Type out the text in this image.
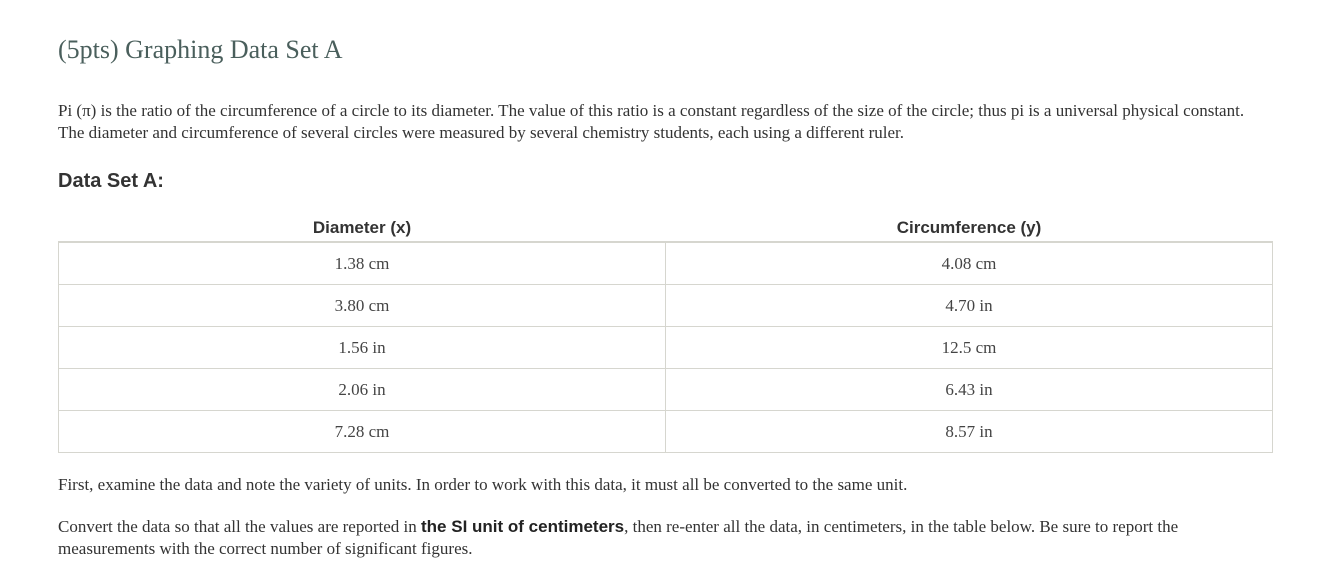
(5pts) Graphing Data Set A

Pi (π) is the ratio of the circumference of a circle to its diameter. The value of this ratio is a constant regardless of the size of the circle; thus pi is a universal physical constant. The diameter and circumference of several circles were measured by several chemistry students, each using a different ruler.

Data Set A:
Diameter (x)	Circumference (y)
1.38 cm	4.08 cm
3.80 cm	4.70 in
1.56 in	12.5 cm
2.06 in	6.43 in
7.28 cm	8.57 in

First, examine the data and note the variety of units. In order to work with this data, it must all be converted to the same unit.

Convert the data so that all the values are reported in the SI unit of centimeters, then re-enter all the data, in centimeters, in the table below. Be sure to report the measurements with the correct number of significant figures.
